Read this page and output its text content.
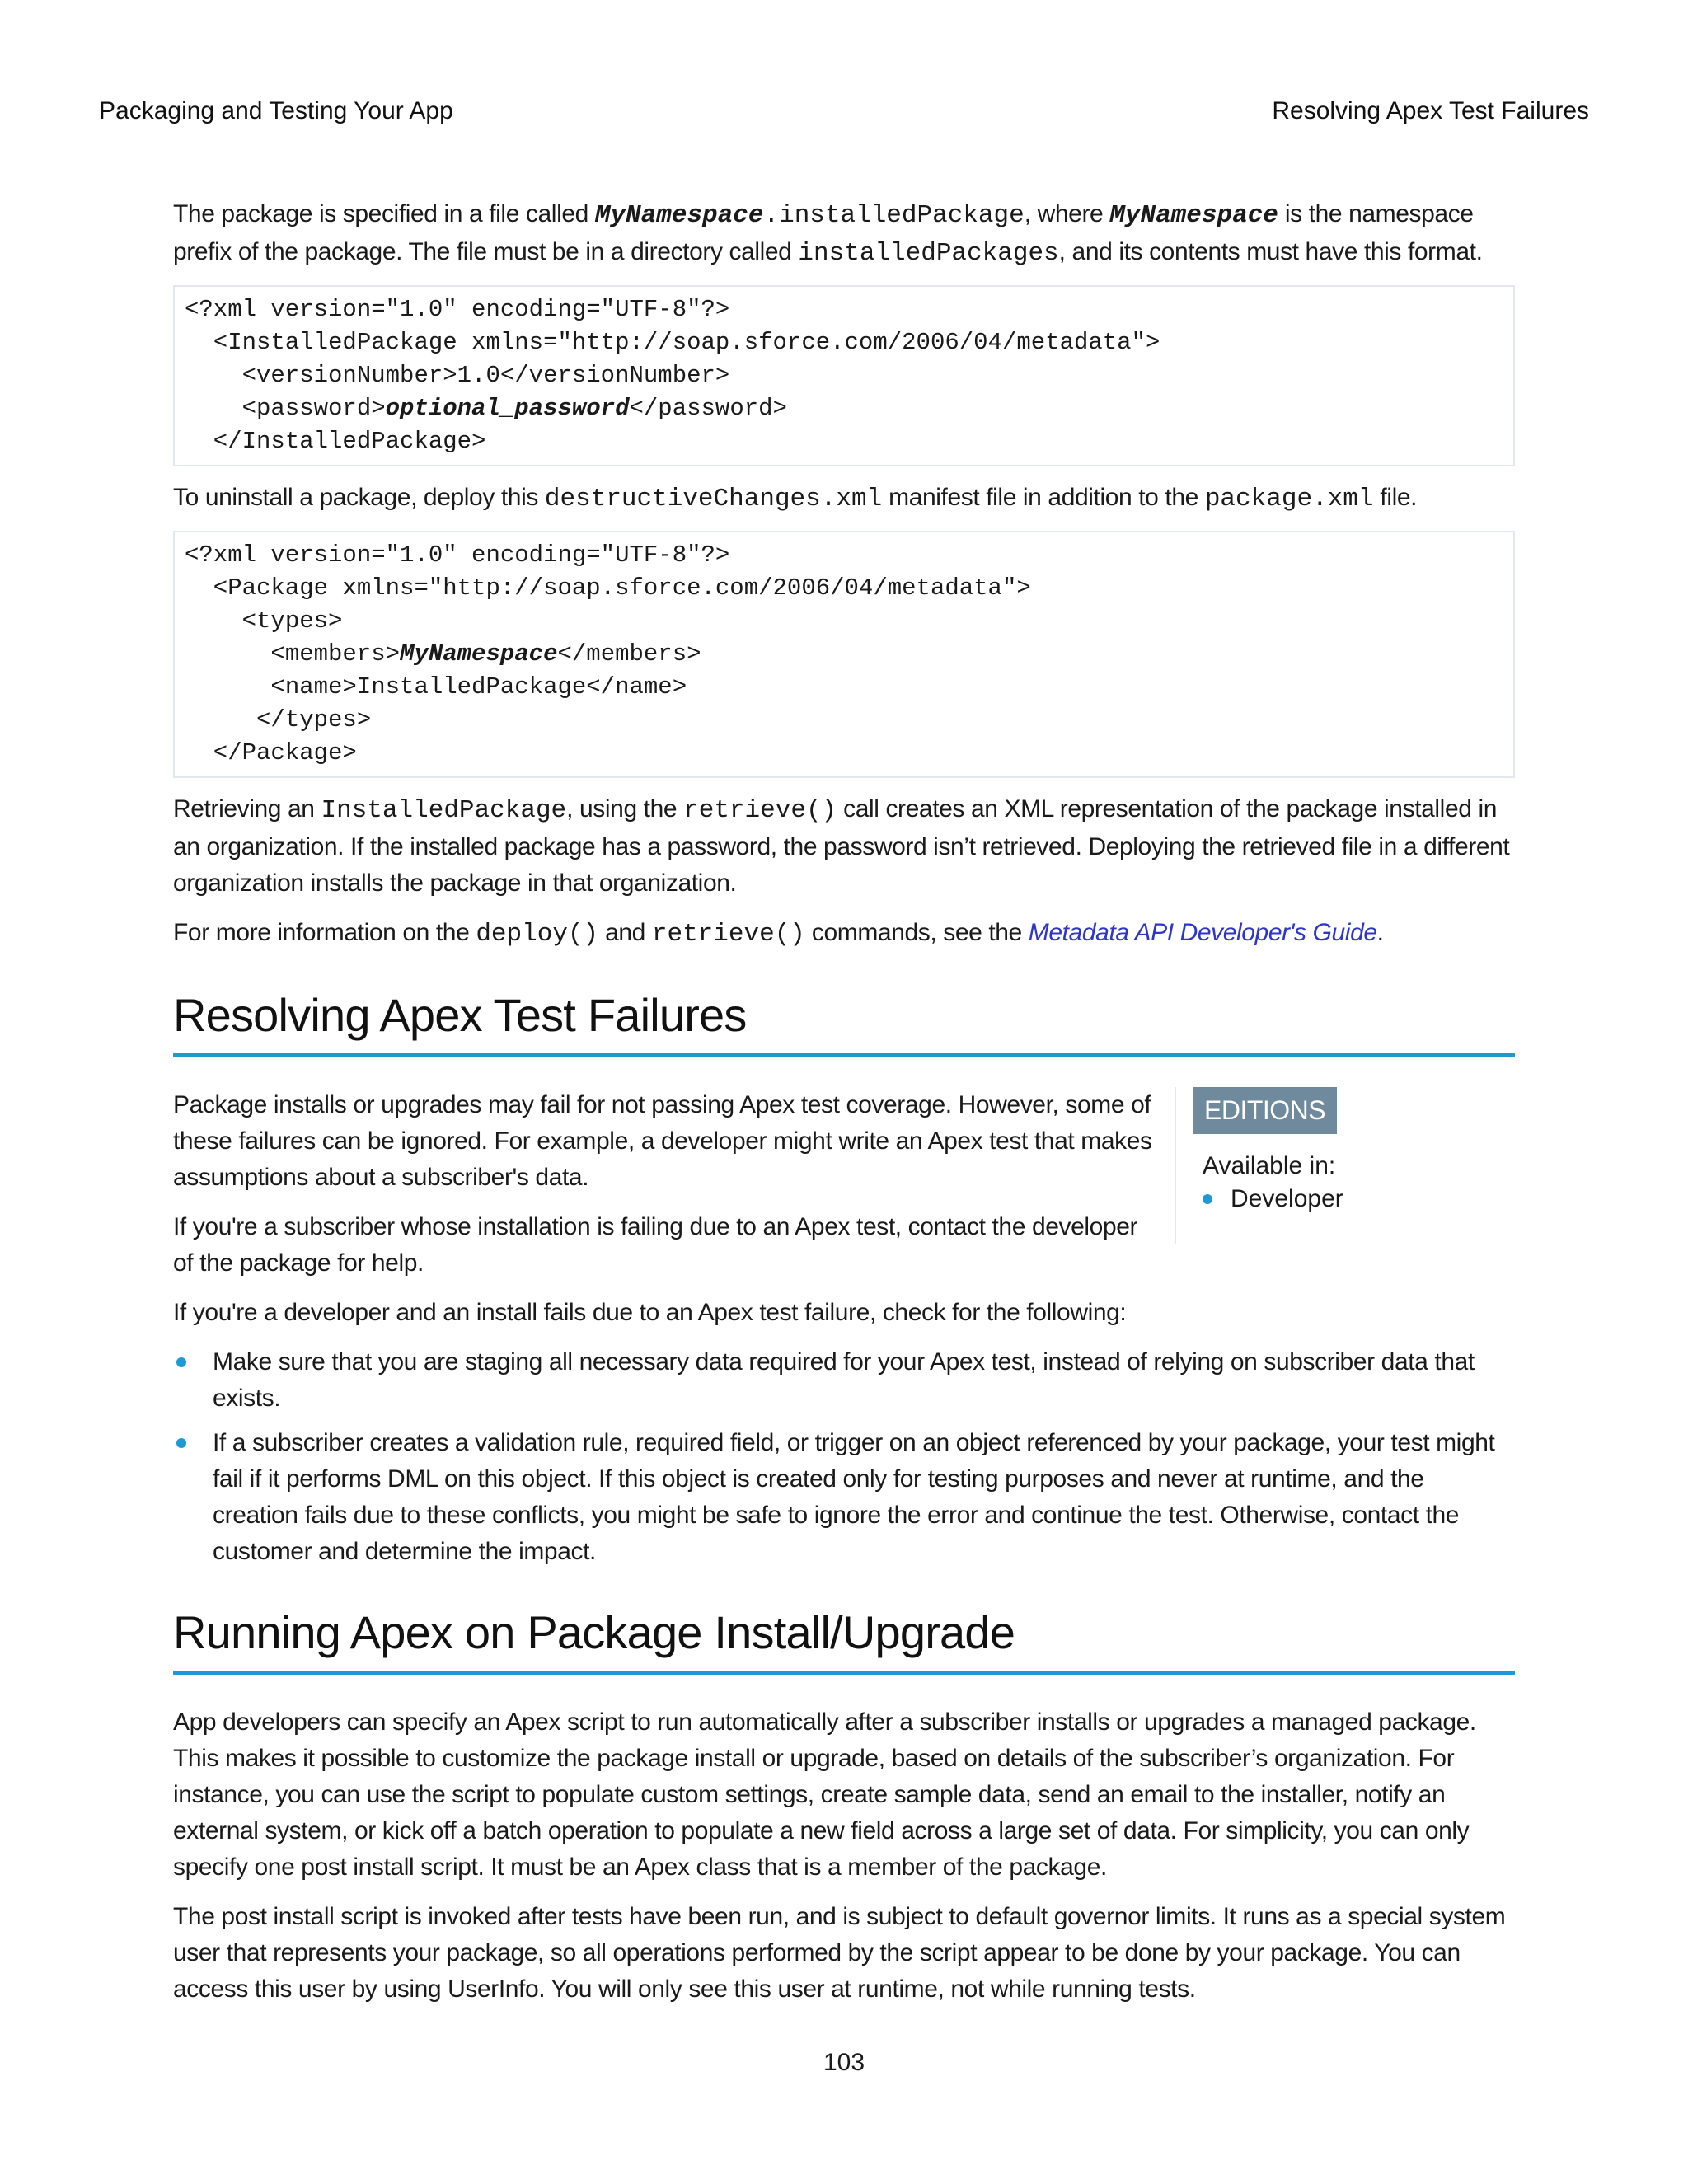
Packaging and Testing Your App	Resolving Apex Test Failures

The package is specified in a file called MyNamespace.installedPackage, where MyNamespace is the namespace prefix of the package. The file must be in a directory called installedPackages, and its contents must have this format.

<?xml version="1.0" encoding="UTF-8"?>
<InstalledPackage xmlns="http://soap.sforce.com/2006/04/metadata">
<versionNumber>1.0</versionNumber>
<password>optional_password</password>
</InstalledPackage>

To uninstall a package, deploy this destructiveChanges.xml manifest file in addition to the package.xml file.

<?xml version="1.0" encoding="UTF-8"?>
<Package xmlns="http://soap.sforce.com/2006/04/metadata">
<types>
<members>MyNamespace</members>
<name>InstalledPackage</name>
</types>
</Package>

Retrieving an InstalledPackage, using the retrieve() call creates an XML representation of the package installed in an organization. If the installed package has a password, the password isn’t retrieved. Deploying the retrieved file in a different organization installs the package in that organization.

For more information on the deploy() and retrieve() commands, see the Metadata API Developer's Guide.

Resolving Apex Test Failures

Package installs or upgrades may fail for not passing Apex test coverage. However, some of these failures can be ignored. For example, a developer might write an Apex test that makes assumptions about a subscriber's data.

If you're a subscriber whose installation is failing due to an Apex test, contact the developer of the package for help.

EDITIONS
Available in:
Developer

If you're a developer and an install fails due to an Apex test failure, check for the following:

Make sure that you are staging all necessary data required for your Apex test, instead of relying on subscriber data that exists.
If a subscriber creates a validation rule, required field, or trigger on an object referenced by your package, your test might fail if it performs DML on this object. If this object is created only for testing purposes and never at runtime, and the creation fails due to these conflicts, you might be safe to ignore the error and continue the test. Otherwise, contact the customer and determine the impact.
Running Apex on Package Install/Upgrade

App developers can specify an Apex script to run automatically after a subscriber installs or upgrades a managed package. This makes it possible to customize the package install or upgrade, based on details of the subscriber’s organization. For instance, you can use the script to populate custom settings, create sample data, send an email to the installer, notify an external system, or kick off a batch operation to populate a new field across a large set of data. For simplicity, you can only specify one post install script. It must be an Apex class that is a member of the package.

The post install script is invoked after tests have been run, and is subject to default governor limits. It runs as a special system user that represents your package, so all operations performed by the script appear to be done by your package. You can access this user by using UserInfo. You will only see this user at runtime, not while running tests.

103
